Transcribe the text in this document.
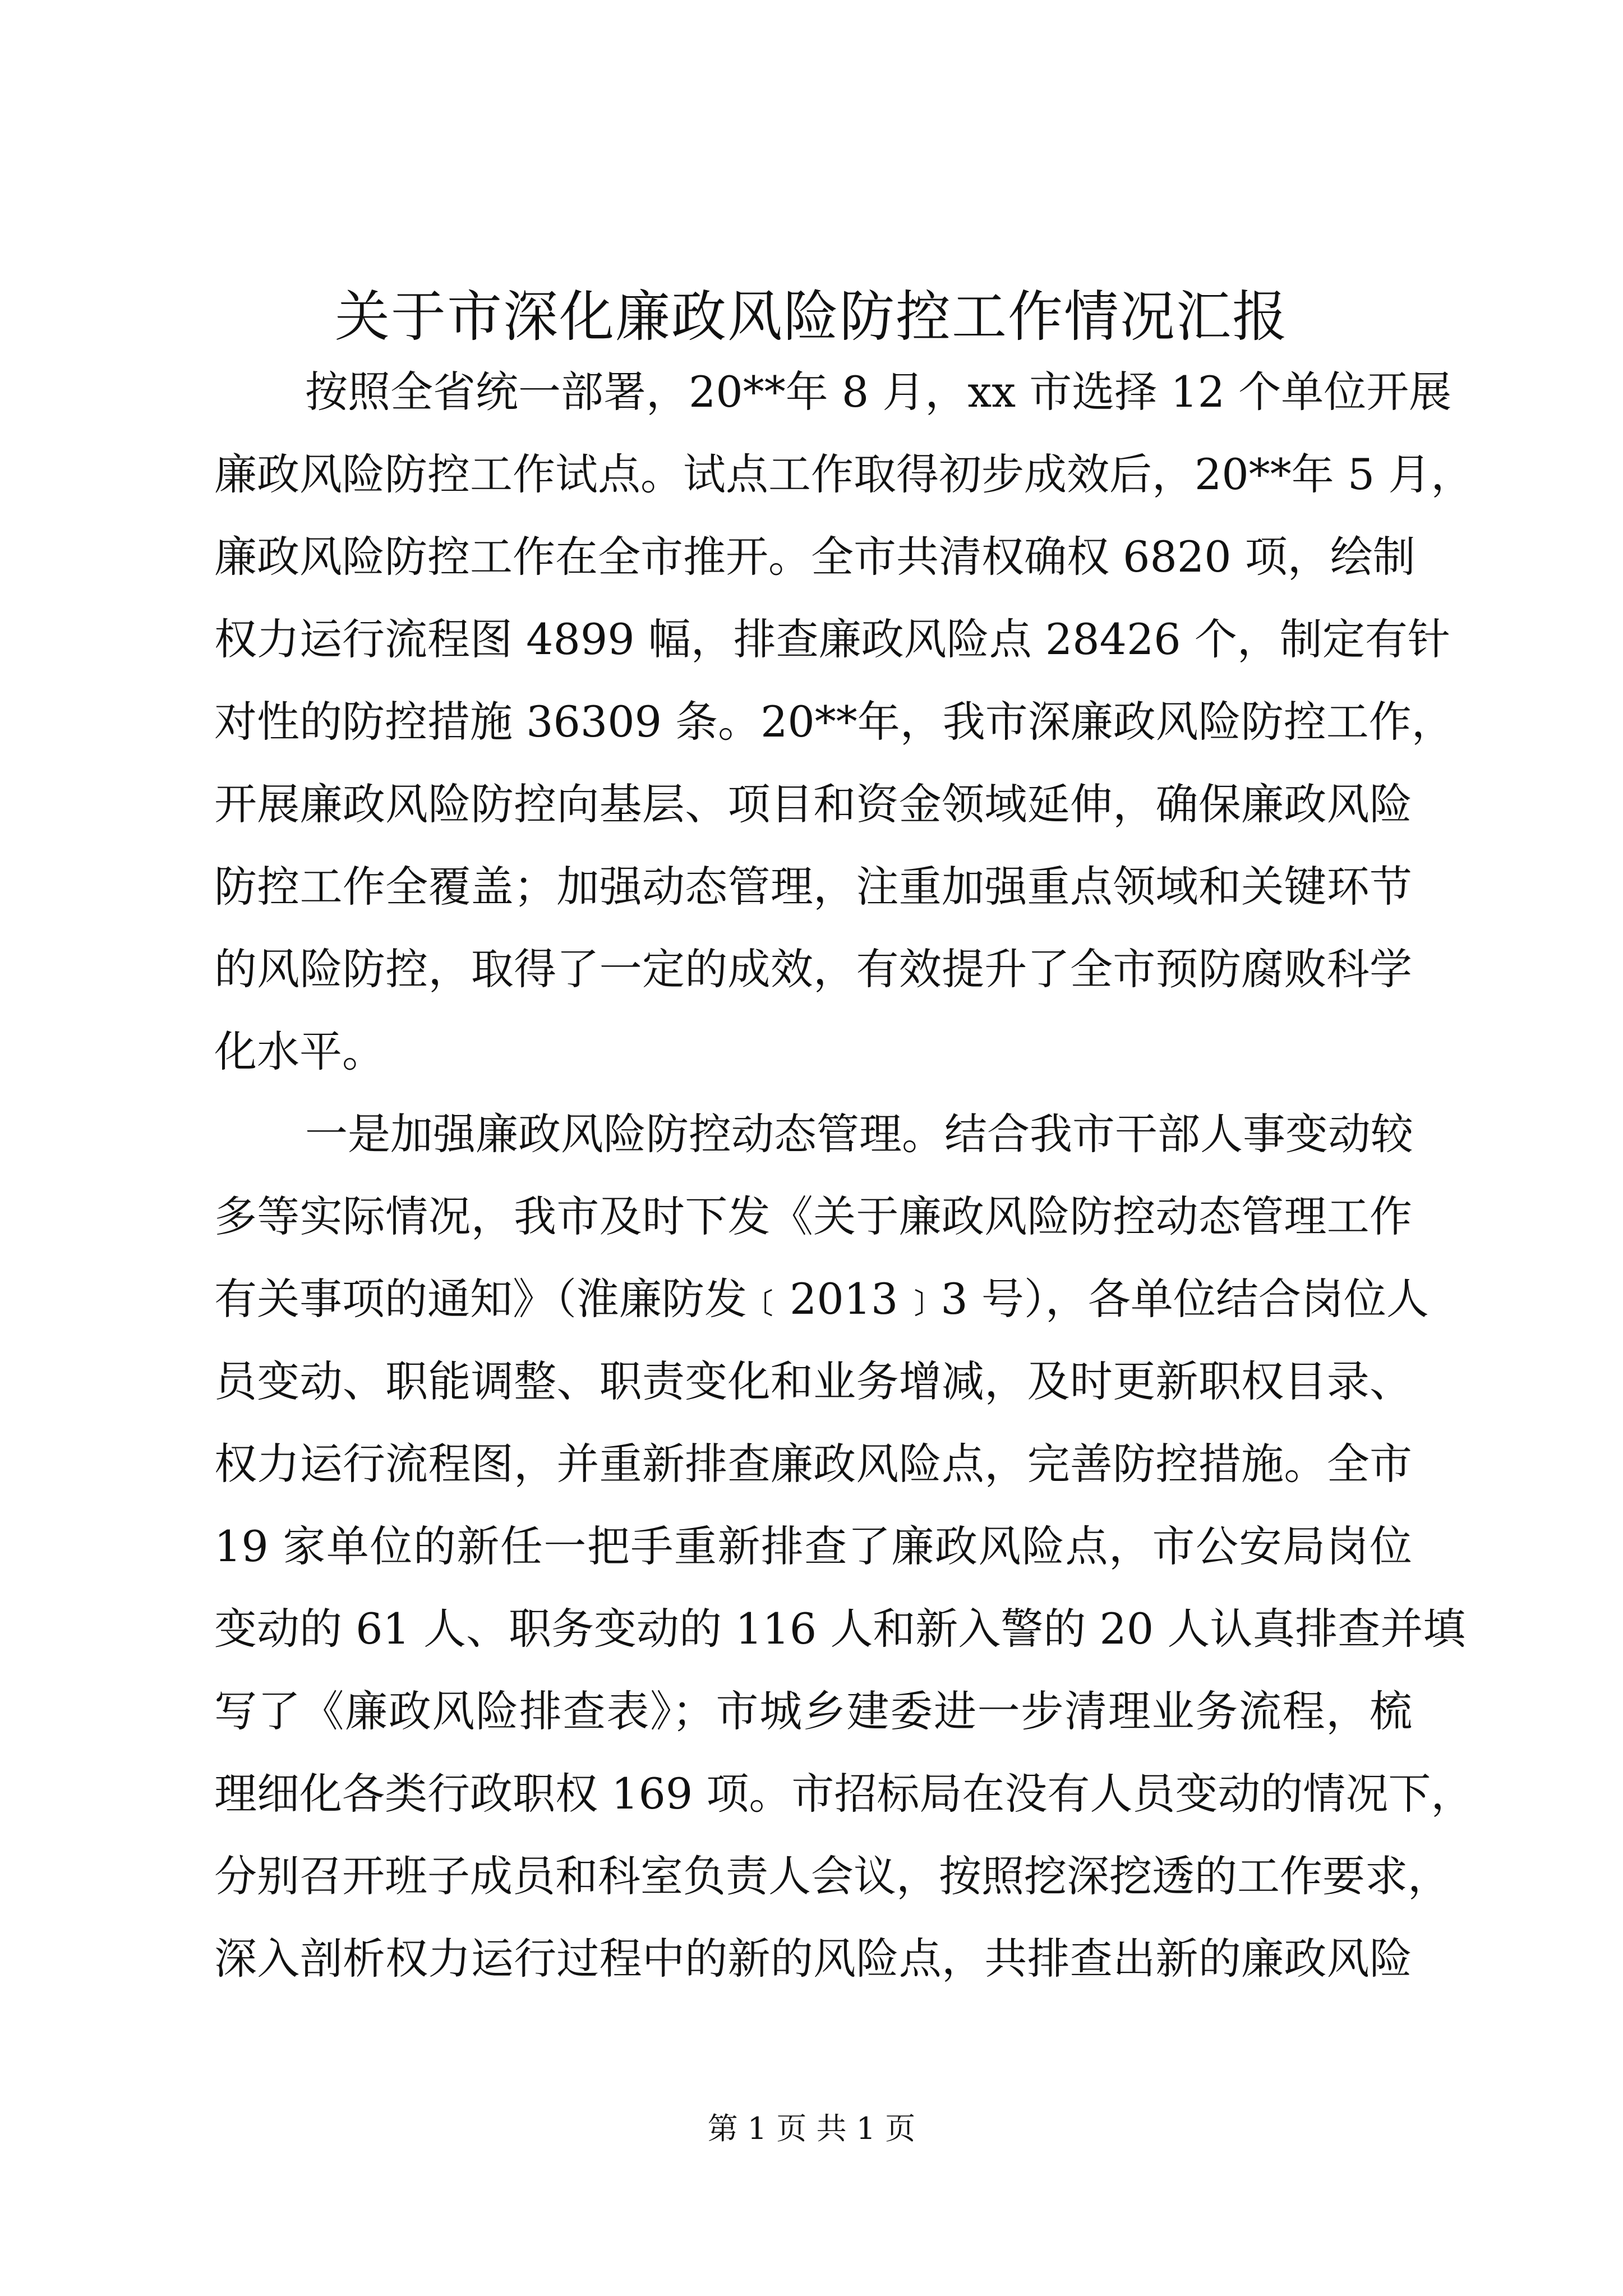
关于市深化廉政风险防控工作情况汇报
按照全省统一部署，20**年 8 月，xx 市选择 12 个单位开展
廉政风险防控工作试点。试点工作取得初步成效后，20**年 5 月，
廉政风险防控工作在全市推开。全市共清权确权 6820 项，绘制
权力运行流程图 4899 幅，排查廉政风险点 28426 个，制定有针
对性的防控措施 36309 条。20**年，我市深廉政风险防控工作，
开展廉政风险防控向基层、项目和资金领域延伸，确保廉政风险
防控工作全覆盖；加强动态管理，注重加强重点领域和关键环节
的风险防控，取得了一定的成效，有效提升了全市预防腐败科学
化水平。
一是加强廉政风险防控动态管理。结合我市干部人事变动较
多等实际情况，我市及时下发《关于廉政风险防控动态管理工作
有关事项的通知》（淮廉防发﹝2013﹞3 号），各单位结合岗位人
员变动、职能调整、职责变化和业务增减，及时更新职权目录、
权力运行流程图，并重新排查廉政风险点，完善防控措施。全市
19 家单位的新任一把手重新排查了廉政风险点，市公安局岗位
变动的 61 人、职务变动的 116 人和新入警的 20 人认真排查并填
写了《廉政风险排查表》；市城乡建委进一步清理业务流程，梳
理细化各类行政职权 169 项。市招标局在没有人员变动的情况下，
分别召开班子成员和科室负责人会议，按照挖深挖透的工作要求，
深入剖析权力运行过程中的新的风险点，共排查出新的廉政风险
第 1 页 共 1 页
